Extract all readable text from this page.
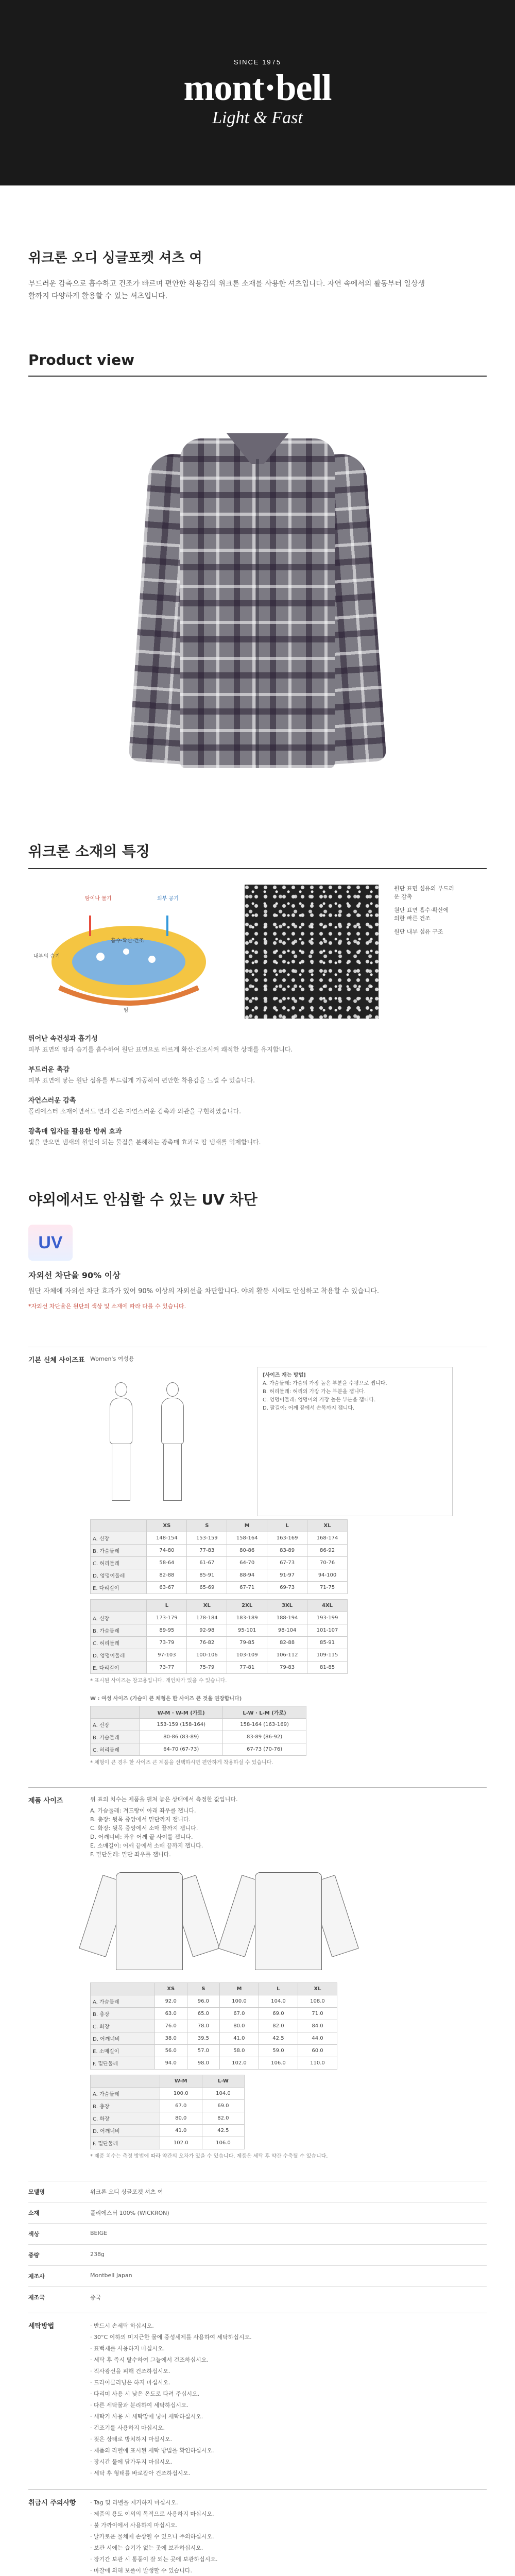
SINCE 1975
mont·bell
Light & Fast
위크론 오디 싱글포켓 셔츠 여
부드러운 감촉으로 흡수하고 건조가 빠르며 편안한 착용감의 위크론 소재를 사용한 셔츠입니다. 자연 속에서의 활동부터 일상생활까지 다양하게 활용할 수 있는 셔츠입니다.
Product view
위크론 소재의 특징
땀이나 물기	외부 공기
내부의 습기
흡수·확산·건조
땀

원단 표면 섬유의 부드러운 감촉

원단 표면 흡수·확산에 의한 빠른 건조

원단 내부 섬유 구조

뛰어난 속건성과 흡기성

피부 표면의 땀과 습기를 흡수하여 원단 표면으로 빠르게 확산·건조시켜 쾌적한 상태를 유지합니다.

부드러운 촉감

피부 표면에 닿는 원단 섬유를 부드럽게 가공하여 편안한 착용감을 느낄 수 있습니다.

자연스러운 감촉

폴리에스터 소재이면서도 면과 같은 자연스러운 감촉과 외관을 구현하였습니다.

광촉매 입자를 활용한 방취 효과

빛을 받으면 냄새의 원인이 되는 물질을 분해하는 광촉매 효과로 땀 냄새를 억제합니다.

야외에서도 안심할 수 있는 UV 차단
UV
자외선 차단율 90% 이상
원단 자체에 자외선 차단 효과가 있어 90% 이상의 자외선을 차단합니다. 야외 활동 시에도 안심하고 착용할 수 있습니다.
*자외선 차단율은 원단의 색상 및 소재에 따라 다를 수 있습니다.
기본 신체 사이즈표 Women's 여성용
[사이즈 재는 방법]
A. 가슴둘레: 가슴의 가장 높은 부분을 수평으로 잽니다.
B. 허리둘레: 허리의 가장 가는 부분을 잽니다.
C. 엉덩이둘레: 엉덩이의 가장 높은 부분을 잽니다.
D. 팔길이: 어깨 끝에서 손목까지 잽니다.
	XS	S	M	L	XL
A. 신장	148-154	153-159	158-164	163-169	168-174
B. 가슴둘레	74-80	77-83	80-86	83-89	86-92
C. 허리둘레	58-64	61-67	64-70	67-73	70-76
D. 엉덩이둘레	82-88	85-91	88-94	91-97	94-100
E. 다리길이	63-67	65-69	67-71	69-73	71-75
	L	XL	2XL	3XL	4XL
A. 신장	173-179	178-184	183-189	188-194	193-199
B. 가슴둘레	89-95	92-98	95-101	98-104	101-107
C. 허리둘레	73-79	76-82	79-85	82-88	85-91
D. 엉덩이둘레	97-103	100-106	103-109	106-112	109-115
E. 다리길이	73-77	75-79	77-81	79-83	81-85
* 표시된 사이즈는 참고용입니다. 개인차가 있을 수 있습니다.
W : 여성 사이즈 (가슴이 큰 체형은 한 사이즈 큰 것을 권장합니다)
	W-M · W-M (가로)	L-W · L-M (가로)
A. 신장	153-159 (158-164)	158-164 (163-169)
B. 가슴둘레	80-86 (83-89)	83-89 (86-92)
C. 허리둘레	64-70 (67-73)	67-73 (70-76)
* 체형이 큰 경우 한 사이즈 큰 제품을 선택하시면 편안하게 착용하실 수 있습니다.
제품 사이즈	위 표의 치수는 제품을 펼쳐 놓은 상태에서 측정한 값입니다.
A. 가슴둘레: 겨드랑이 아래 좌우를 잽니다.
B. 총장: 뒷목 중앙에서 밑단까지 잽니다.
C. 화장: 뒷목 중앙에서 소매 끝까지 잽니다.
D. 어깨너비: 좌우 어깨 끝 사이를 잽니다.
E. 소매길이: 어깨 끝에서 소매 끝까지 잽니다.
F. 밑단둘레: 밑단 좌우를 잽니다.
	XS	S	M	L	XL
A. 가슴둘레	92.0	96.0	100.0	104.0	108.0
B. 총장	63.0	65.0	67.0	69.0	71.0
C. 화장	76.0	78.0	80.0	82.0	84.0
D. 어깨너비	38.0	39.5	41.0	42.5	44.0
E. 소매길이	56.0	57.0	58.0	59.0	60.0
F. 밑단둘레	94.0	98.0	102.0	106.0	110.0
	W-M	L-W
A. 가슴둘레	100.0	104.0
B. 총장	67.0	69.0
C. 화장	80.0	82.0
D. 어깨너비	41.0	42.5
F. 밑단둘레	102.0	106.0
* 제품 치수는 측정 방법에 따라 약간의 오차가 있을 수 있습니다. 제품은 세탁 후 약간 수축될 수 있습니다.
모델명	위크론 오디 싱글포켓 셔츠 여
소재	폴리에스터 100% (WICKRON)
색상	BEIGE
중량	238g
제조사	Montbell Japan
제조국	중국
세탁방법	· 반드시 손세탁 하십시오.
· 30°C 이하의 미지근한 물에 중성세제를 사용하여 세탁하십시오.
· 표백제를 사용하지 마십시오.
· 세탁 후 즉시 탈수하여 그늘에서 건조하십시오.
· 직사광선을 피해 건조하십시오.
· 드라이클리닝은 하지 마십시오.
· 다리미 사용 시 낮은 온도로 다려 주십시오.
· 다른 세탁물과 분리하여 세탁하십시오.
· 세탁기 사용 시 세탁망에 넣어 세탁하십시오.
· 건조기를 사용하지 마십시오.
· 젖은 상태로 방치하지 마십시오.
· 제품의 라벨에 표시된 세탁 방법을 확인하십시오.
· 장시간 물에 담가두지 마십시오.
· 세탁 후 형태를 바로잡아 건조하십시오.
취급시 주의사항	· Tag 및 라벨을 제거하지 마십시오.
· 제품의 용도 이외의 목적으로 사용하지 마십시오.
· 불 가까이에서 사용하지 마십시오.
· 날카로운 물체에 손상될 수 있으니 주의하십시오.
· 보관 시에는 습기가 없는 곳에 보관하십시오.
· 장기간 보관 시 통풍이 잘 되는 곳에 보관하십시오.
· 마찰에 의해 보풀이 발생할 수 있습니다.
